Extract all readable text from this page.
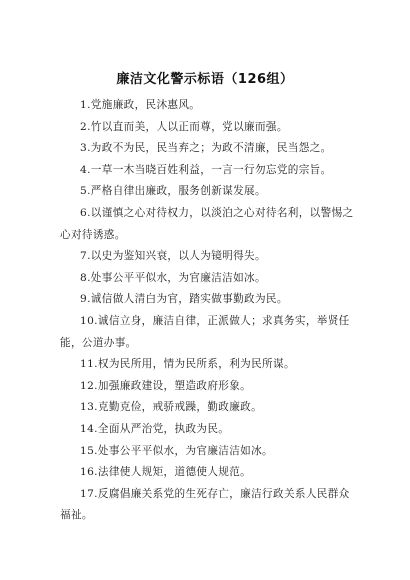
廉洁文化警示标语（126组）
1.党施廉政，民沐惠风。
2.竹以直而美，人以正而尊，党以廉而强。
3.为政不为民，民当弃之；为政不清廉，民当怨之。
4.一草一木当晓百姓利益，一言一行勿忘党的宗旨。
5.严格自律出廉政，服务创新谋发展。
6.以谨慎之心对待权力，以淡泊之心对待名利，以警惕之心对待诱惑。
7.以史为鉴知兴衰，以人为镜明得失。
8.处事公平平似水，为官廉洁洁如冰。
9.诚信做人清白为官，踏实做事勤政为民。
10.诚信立身，廉洁自律，正派做人；求真务实，举贤任能，公道办事。
11.权为民所用，情为民所系，利为民所谋。
12.加强廉政建设，塑造政府形象。
13.克勤克俭，戒骄戒躁，勤政廉政。
14.全面从严治党，执政为民。
15.处事公平平似水，为官廉洁洁如冰。
16.法律使人规矩，道德使人规范。
17.反腐倡廉关系党的生死存亡，廉洁行政关系人民群众福祉。
